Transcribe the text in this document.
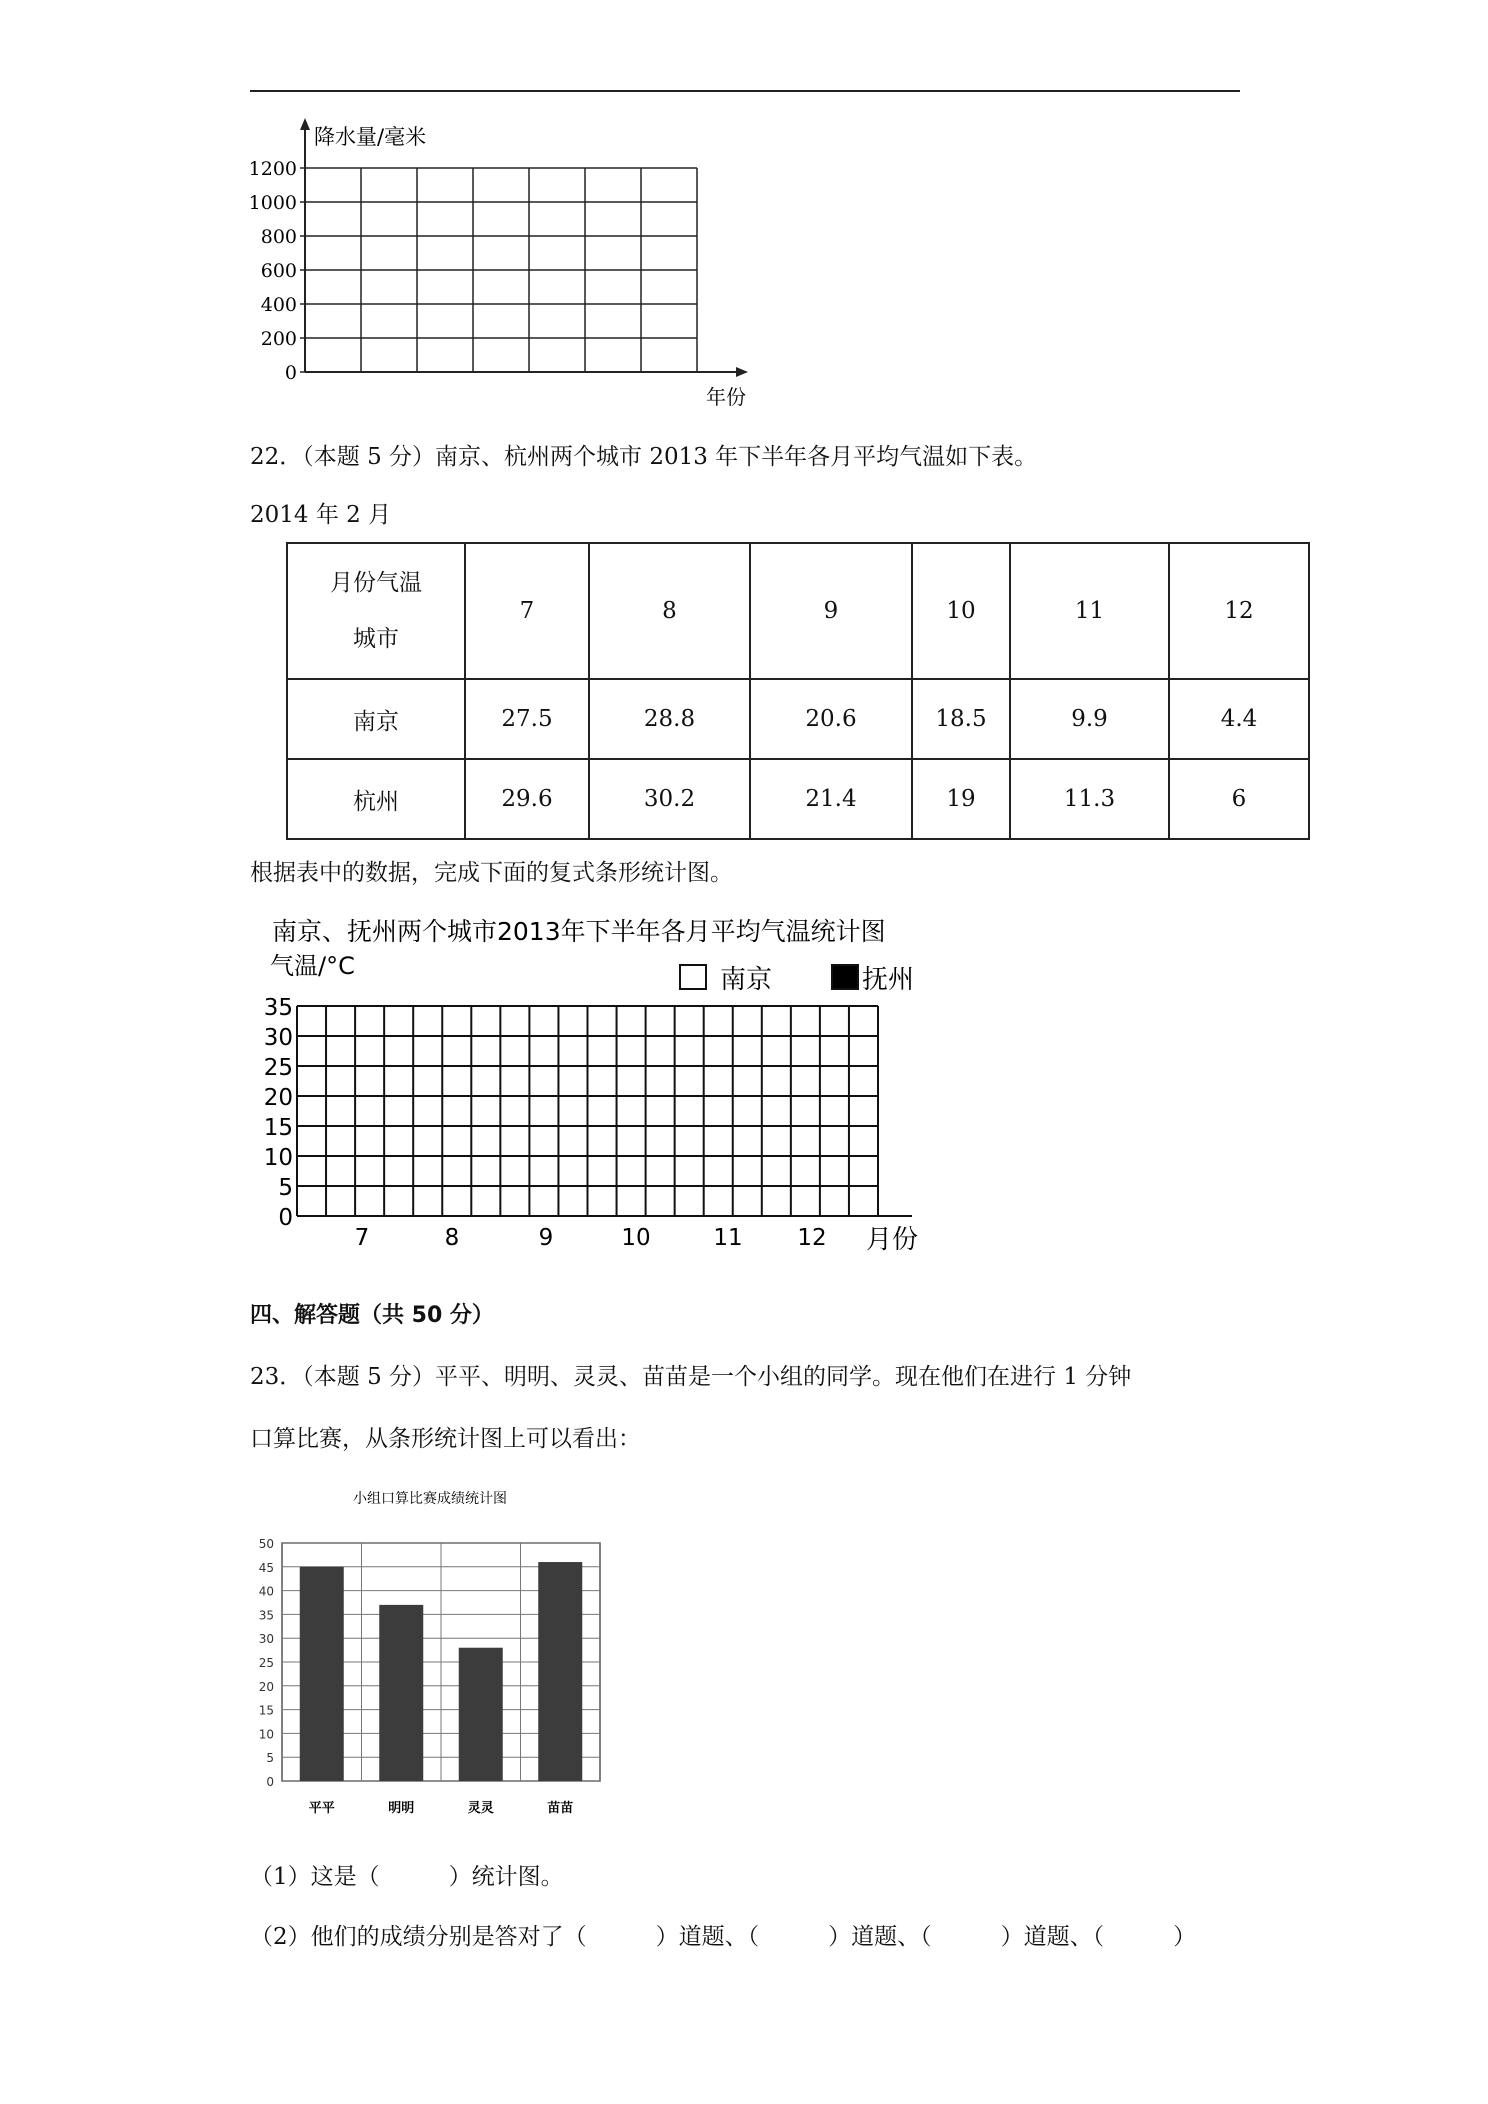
1200
1000
800
600
400
200
0
降水量/毫米
年份
35
30
25
20
15
10
5
0
7	8	9	10	11 12 月份
南京、抚州两个城市2013年下半年各月平均气温统计图
气温/°C	南京	抚州
50
45
40
35
30
25
20
15
10
5
0
平平	明明	灵灵	苗苗
小组口算比赛成绩统计图
22．（本题 5 分）南京、杭州两个城市 2013 年下半年各月平均气温如下表。
2014 年 2 月
月份气温
城市	7	8	9	10	11	12
南京	27.5	28.8	20.6	18.5	9.9	4.4
杭州	29.6	30.2	21.4	19	11.3	6
根据表中的数据，完成下面的复式条形统计图。
四、解答题（共 50 分）
23．（本题 5 分）平平、明明、灵灵、苗苗是一个小组的同学。现在他们在进行 1 分钟
口算比赛，从条形统计图上可以看出：
（1）这是（　　　）统计图。
（2）他们的成绩分别是答对了（　　　）道题、（　　　）道题、（　　　）道题、（　　　）
